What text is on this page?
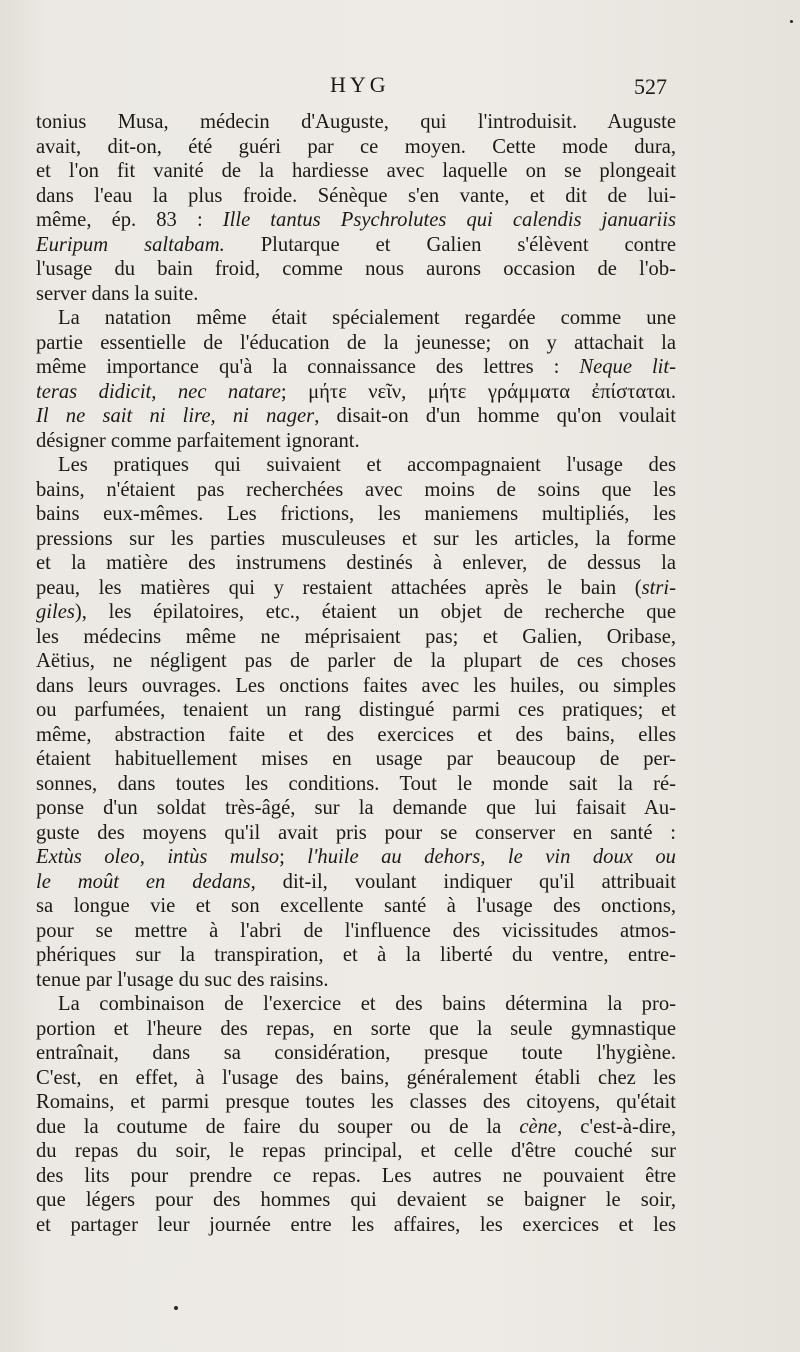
HYG	527
tonius Musa, médecin d'Auguste, qui l'introduisit. Auguste
avait, dit-on, été guéri par ce moyen. Cette mode dura,
et l'on fit vanité de la hardiesse avec laquelle on se plongeait
dans l'eau la plus froide. Sénèque s'en vante, et dit de lui-
même, ép. 83 : Ille tantus Psychrolutes qui calendis januariis
Euripum saltabam. Plutarque et Galien s'élèvent contre
l'usage du bain froid, comme nous aurons occasion de l'ob-
server dans la suite.
La natation même était spécialement regardée comme une
partie essentielle de l'éducation de la jeunesse; on y attachait la
même importance qu'à la connaissance des lettres : Neque lit-
teras didicit, nec natare; μήτε νεῖν, μήτε γράμματα ἐπίσταται.
Il ne sait ni lire, ni nager, disait-on d'un homme qu'on voulait
désigner comme parfaitement ignorant.
Les pratiques qui suivaient et accompagnaient l'usage des
bains, n'étaient pas recherchées avec moins de soins que les
bains eux-mêmes. Les frictions, les maniemens multipliés, les
pressions sur les parties musculeuses et sur les articles, la forme
et la matière des instrumens destinés à enlever, de dessus la
peau, les matières qui y restaient attachées après le bain (stri-
giles), les épilatoires, etc., étaient un objet de recherche que
les médecins même ne méprisaient pas; et Galien, Oribase,
Aëtius, ne négligent pas de parler de la plupart de ces choses
dans leurs ouvrages. Les onctions faites avec les huiles, ou simples
ou parfumées, tenaient un rang distingué parmi ces pratiques; et
même, abstraction faite et des exercices et des bains, elles
étaient habituellement mises en usage par beaucoup de per-
sonnes, dans toutes les conditions. Tout le monde sait la ré-
ponse d'un soldat très-âgé, sur la demande que lui faisait Au-
guste des moyens qu'il avait pris pour se conserver en santé :
Extùs oleo, intùs mulso; l'huile au dehors, le vin doux ou
le moût en dedans, dit-il, voulant indiquer qu'il attribuait
sa longue vie et son excellente santé à l'usage des onctions,
pour se mettre à l'abri de l'influence des vicissitudes atmos-
phériques sur la transpiration, et à la liberté du ventre, entre-
tenue par l'usage du suc des raisins.
La combinaison de l'exercice et des bains détermina la pro-
portion et l'heure des repas, en sorte que la seule gymnastique
entraînait, dans sa considération, presque toute l'hygiène.
C'est, en effet, à l'usage des bains, généralement établi chez les
Romains, et parmi presque toutes les classes des citoyens, qu'était
due la coutume de faire du souper ou de la cène, c'est-à-dire,
du repas du soir, le repas principal, et celle d'être couché sur
des lits pour prendre ce repas. Les autres ne pouvaient être
que légers pour des hommes qui devaient se baigner le soir,
et partager leur journée entre les affaires, les exercices et les
